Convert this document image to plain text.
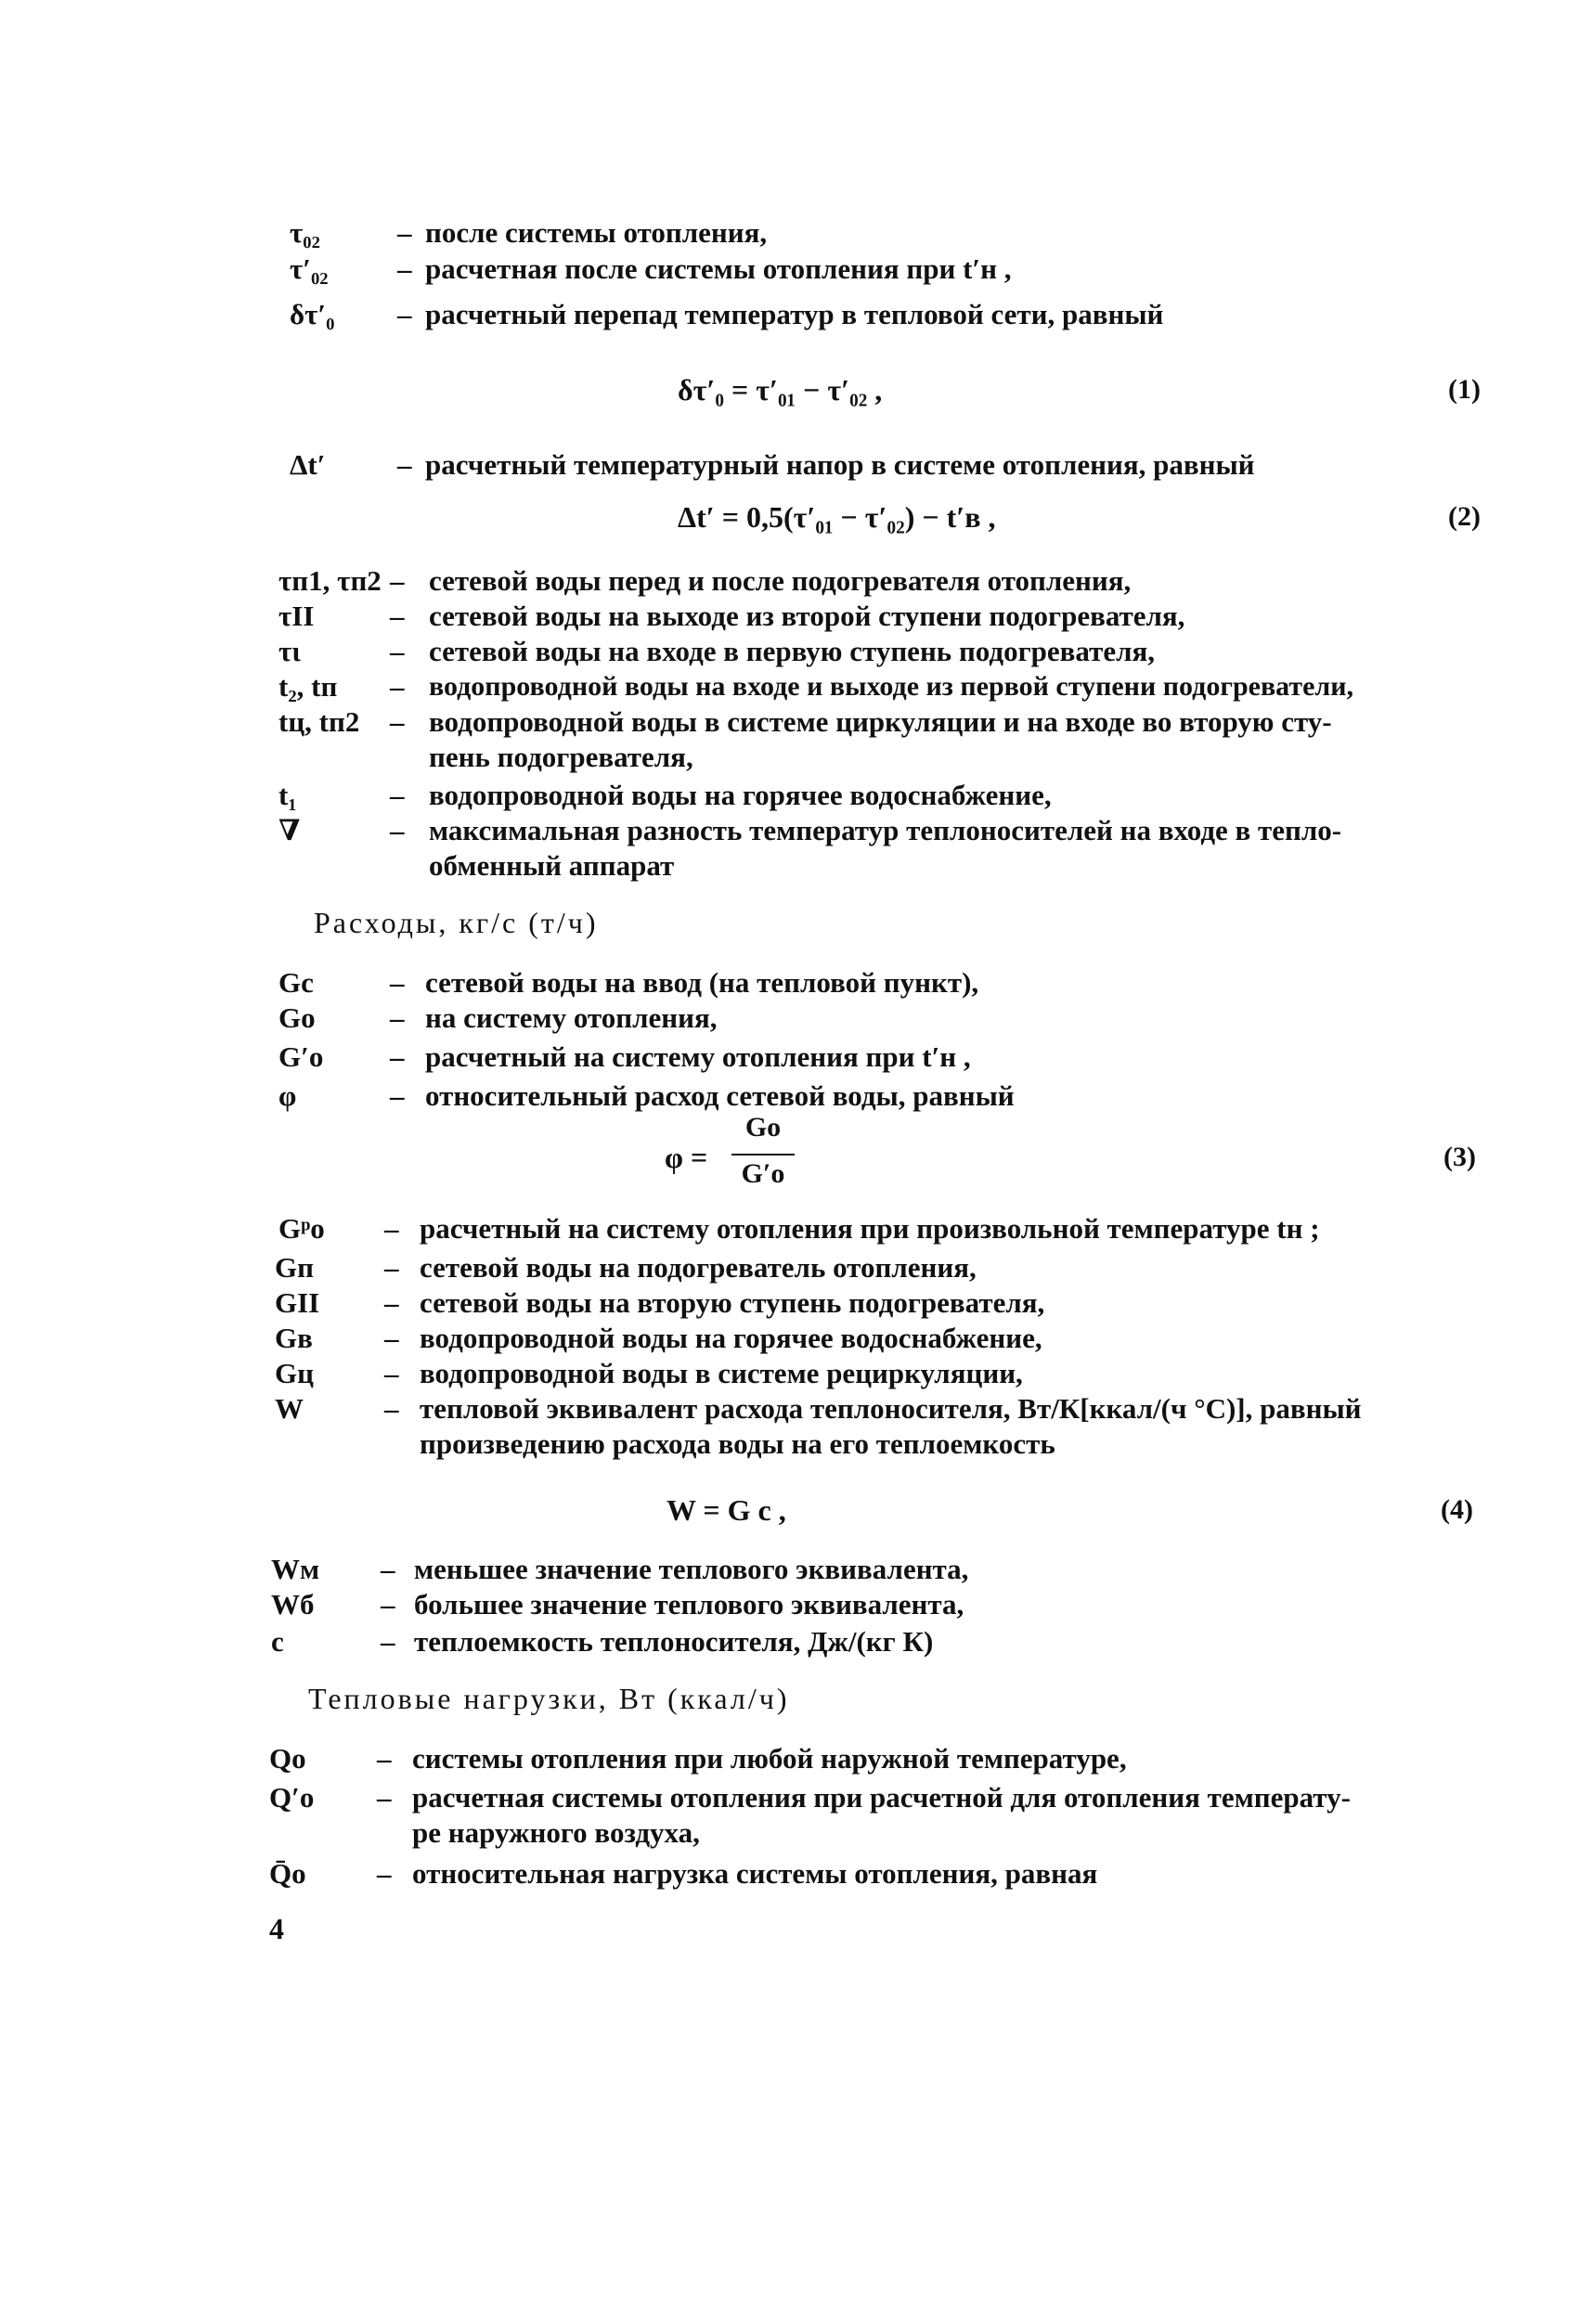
τ₀₂	– после системы отопления,
τ′₀₂ – расчетная после системы отопления при t′н ,
δτ′₀ – расчетный перепад температур в тепловой сети, равный
δτ′₀ = τ′₀₁ − τ′₀₂ ,	(1)
Δt′	– расчетный температурный напор в системе отопления, равный
Δt′ = 0,5(τ′₀₁ − τ′₀₂) − t′в ,	(2)
τп1, τп2 – сетевой воды перед и после подогревателя отопления,
τII	– сетевой воды на выходе из второй ступени подогревателя,
τι	– сетевой воды на входе в первую ступень подогревателя,
t₂, tп – водопроводной воды на входе и выходе из первой ступени подогреватели,
tц, tп2 – водопроводной воды в системе циркуляции и на входе во вторую сту-
пень подогревателя,
t₁	– водопроводной воды на горячее водоснабжение,
∇	– максимальная разность температур теплоносителей на входе в тепло-
обменный аппарат
Расходы, кг/с (т/ч)
Gс	– сетевой воды на ввод (на тепловой пункт),
Gо	– на систему отопления,
G′о – расчетный на систему отопления при t′н ,
φ	– относительный расход сетевой воды, равный
φ =
Gо
G′о
(3)
Gᵖо – расчетный на систему отопления при произвольной температуре tн ;
Gп – сетевой воды на подогреватель отопления,
GII – сетевой воды на вторую ступень подогревателя,
Gв – водопроводной воды на горячее водоснабжение,
Gц – водопроводной воды в системе рециркуляции,
W	– тепловой эквивалент расхода теплоносителя, Вт/К[ккал/(ч °С)], равный
произведению расхода воды на его теплоемкость
W = G c ,	(4)
Wм – меньшее значение теплового эквивалента,
Wб – большее значение теплового эквивалента,
с	– теплоемкость теплоносителя, Дж/(кг К)
Тепловые нагрузки, Вт (ккал/ч)
Qо – системы отопления при любой наружной температуре,
Q′о – расчетная системы отопления при расчетной для отопления температу-
ре наружного воздуха,
Q̄о – относительная нагрузка системы отопления, равная
4
